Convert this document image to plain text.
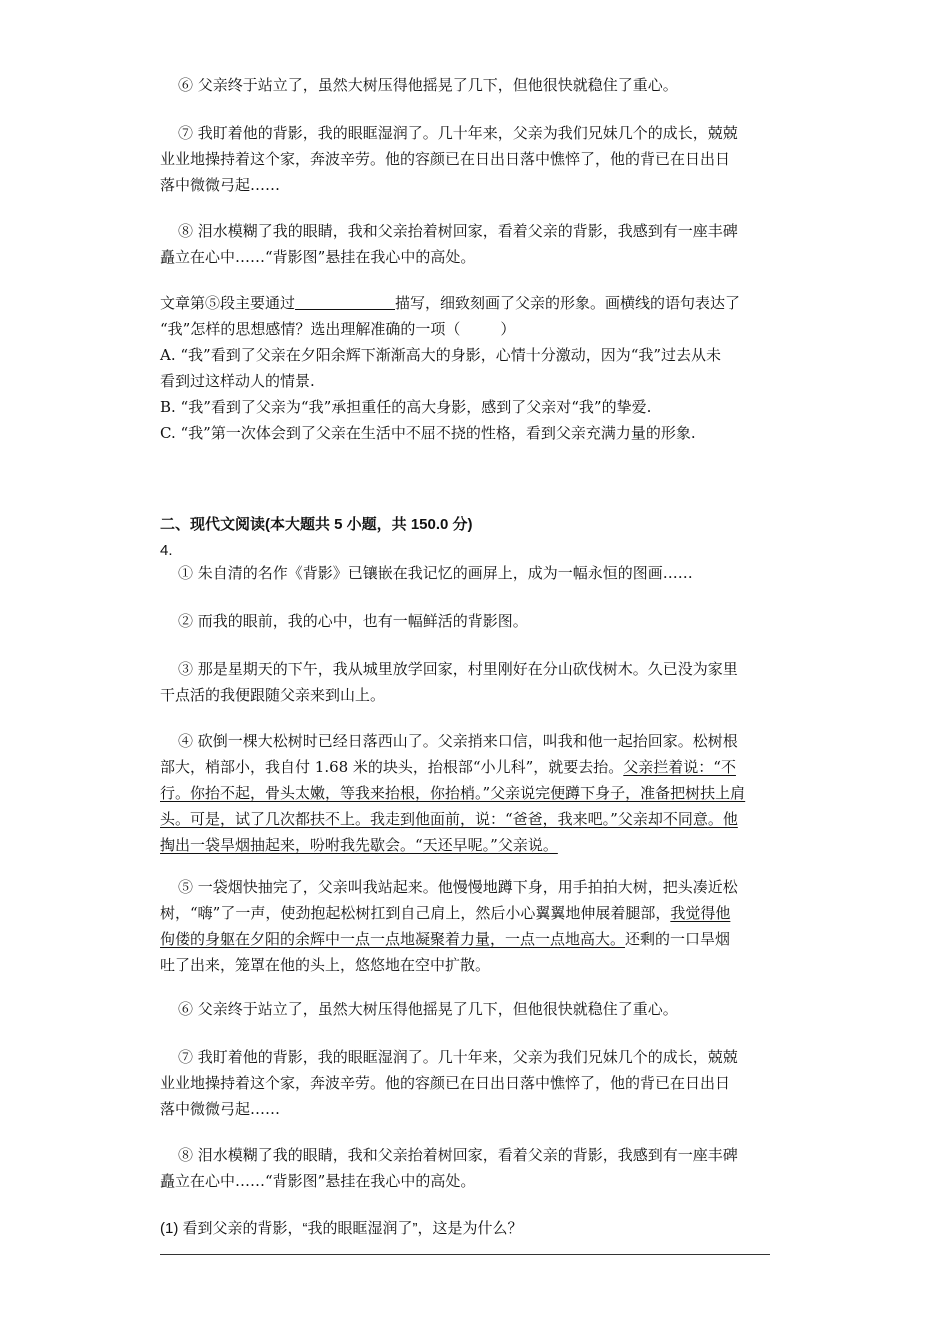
⑥ 父亲终于站立了，虽然大树压得他摇晃了几下，但他很快就稳住了重心。
⑦ 我盯着他的背影，我的眼眶湿润了。几十年来，父亲为我们兄妹几个的成长，兢兢
业业地操持着这个家，奔波辛劳。他的容颜已在日出日落中憔悴了，他的背已在日出日
落中微微弓起……
⑧ 泪水模糊了我的眼睛，我和父亲抬着树回家，看着父亲的背影，我感到有一座丰碑
矗立在心中……“背影图”悬挂在我心中的高处。
文章第⑤段主要通过	描写，细致刻画了父亲的形象。画横线的语句表达了
“我”怎样的思想感情？选出理解准确的一项（	）
A. “我”看到了父亲在夕阳余辉下渐渐高大的身影，心情十分激动，因为“我”过去从未
看到过这样动人的情景.
B. “我”看到了父亲为“我”承担重任的高大身影，感到了父亲对“我”的挚爱.
C. “我”第一次体会到了父亲在生活中不屈不挠的性格，看到父亲充满力量的形象.
二、现代文阅读(本大题共 5 小题，共 150.0 分)
4.
① 朱自清的名作《背影》已镶嵌在我记忆的画屏上，成为一幅永恒的图画……
② 而我的眼前，我的心中，也有一幅鲜活的背影图。
③ 那是星期天的下午，我从城里放学回家，村里刚好在分山砍伐树木。久已没为家里
干点活的我便跟随父亲来到山上。
④ 砍倒一棵大松树时已经日落西山了。父亲捎来口信，叫我和他一起抬回家。松树根
部大，梢部小，我自付 1.68 米的块头，抬根部“小儿科”，就要去抬。父亲拦着说：“不
行。你抬不起，骨头太嫩，等我来抬根，你抬梢。”父亲说完便蹲下身子，准备把树扶上肩
头。可是，试了几次都扶不上。我走到他面前，说：“爸爸，我来吧。”父亲却不同意。他
掏出一袋旱烟抽起来，吩咐我先歇会。“天还早呢。”父亲说。
⑤ 一袋烟快抽完了，父亲叫我站起来。他慢慢地蹲下身，用手拍拍大树，把头凑近松
树，“嗨”了一声，使劲抱起松树扛到自己肩上，然后小心翼翼地伸展着腿部，我觉得他
佝偻的身躯在夕阳的余辉中一点一点地凝聚着力量，一点一点地高大。还剩的一口旱烟
吐了出来，笼罩在他的头上，悠悠地在空中扩散。
⑥ 父亲终于站立了，虽然大树压得他摇晃了几下，但他很快就稳住了重心。
⑦ 我盯着他的背影，我的眼眶湿润了。几十年来，父亲为我们兄妹几个的成长，兢兢
业业地操持着这个家，奔波辛劳。他的容颜已在日出日落中憔悴了，他的背已在日出日
落中微微弓起……
⑧ 泪水模糊了我的眼睛，我和父亲抬着树回家，看着父亲的背影，我感到有一座丰碑
矗立在心中……“背影图”悬挂在我心中的高处。
(1) 看到父亲的背影，“我的眼眶湿润了”，这是为什么？
